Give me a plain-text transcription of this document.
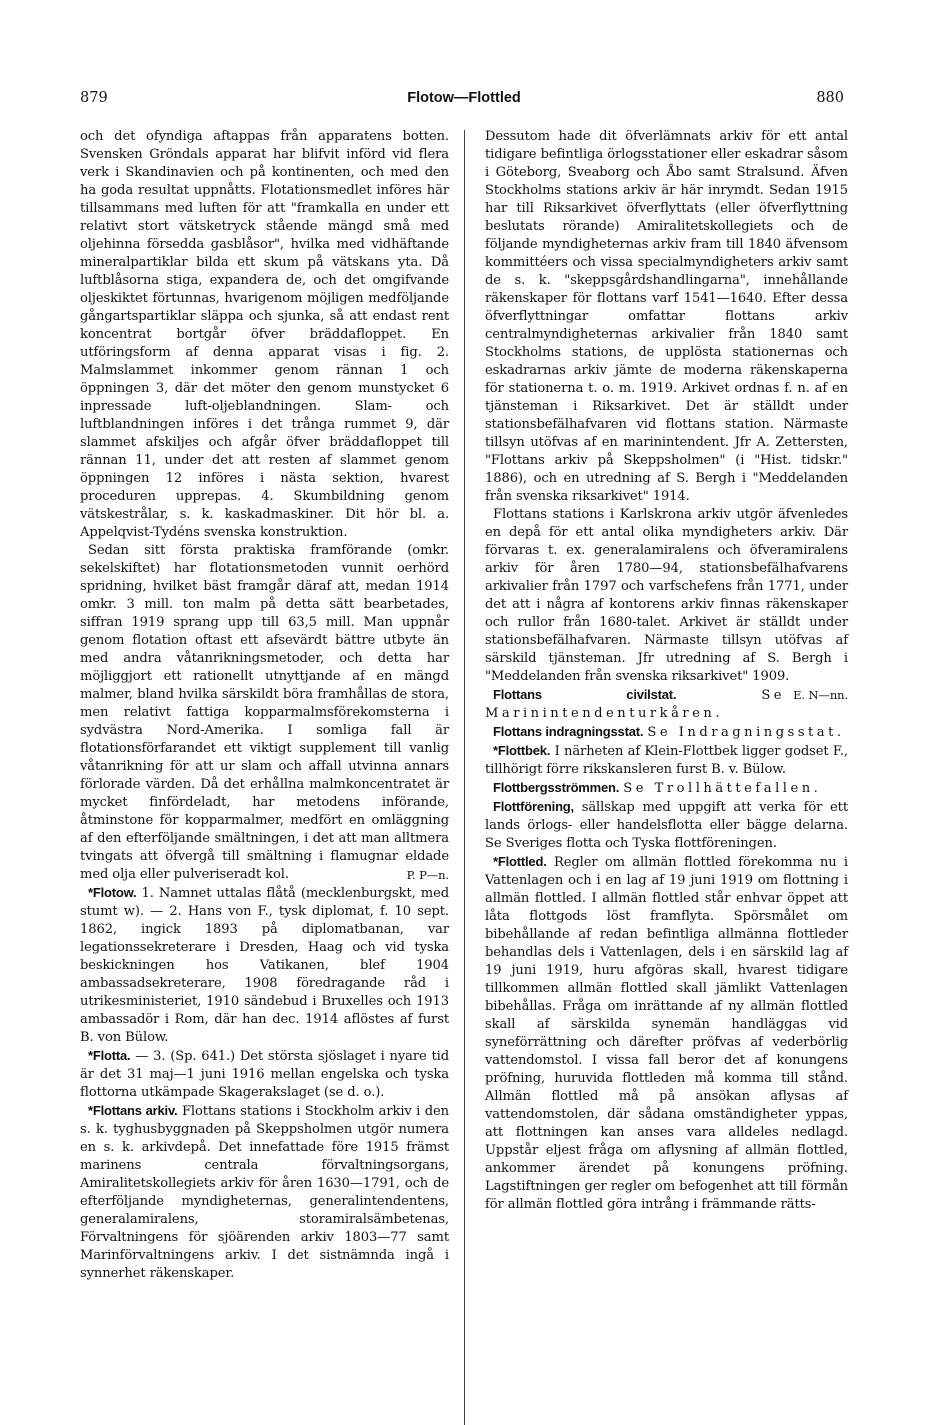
879	Flotow—Flottled	880

och det ofyndiga aftappas från apparatens botten. Svensken Gröndals apparat har blifvit införd vid flera verk i Skandinavien och på kontinenten, och med den ha goda resultat uppnåtts. Flotationsmedlet införes här tillsammans med luften för att "framkalla en under ett relativt stort vätsketryck stående mängd små med oljehinna försedda gasblåsor", hvilka med vidhäftande mineralpartiklar bilda ett skum på vätskans yta. Då luftblåsorna stiga, expandera de, och det omgifvande oljeskiktet förtunnas, hvarigenom möjligen medföljande gångartspartiklar släppa och sjunka, så att endast rent koncentrat bortgår öfver bräddafloppet. En utföringsform af denna apparat visas i fig. 2. Malmslammet inkommer genom rännan 1 och öppningen 3, där det möter den genom munstycket 6 inpressade luft-oljeblandningen. Slam- och luftblandningen införes i det trånga rummet 9, där slammet afskiljes och afgår öfver bräddafloppet till rännan 11, under det att resten af slammet genom öppningen 12 införes i nästa sektion, hvarest proceduren upprepas. 4. Skumbildning genom vätskestrålar, s. k. kaskadmaskiner. Dit hör bl. a. Appelqvist-Tydéns svenska konstruktion.

Sedan sitt första praktiska framförande (omkr. sekelskiftet) har flotationsmetoden vunnit oerhörd spridning, hvilket bäst framgår däraf att, medan 1914 omkr. 3 mill. ton malm på detta sätt bearbetades, siffran 1919 sprang upp till 63,5 mill. Man uppnår genom flotation oftast ett afsevärdt bättre utbyte än med andra våtanrikningsmetoder, och detta har möjliggjort ett rationellt utnyttjande af en mängd malmer, bland hvilka särskildt böra framhållas de stora, men relativt fattiga kopparmalmsförekomsterna i sydvästra Nord-Amerika. I somliga fall är flotationsförfarandet ett viktigt supplement till vanlig våtanrikning för att ur slam och affall utvinna annars förlorade värden. Då det erhållna malmkoncentratet är mycket finfördeladt, har metodens införande, åtminstone för kopparmalmer, medfört en omläggning af den efterföljande smältningen, i det att man alltmera tvingats att öfvergå till smältning i flamugnar eldade med olja eller pulveriseradt kol.	P. P—n.

*Flotow. 1. Namnet uttalas flåtå (mecklenburgskt, med stumt w). — 2. Hans von F., tysk diplomat, f. 10 sept. 1862, ingick 1893 på diplomatbanan, var legationssekreterare i Dresden, Haag och vid tyska beskickningen hos Vatikanen, blef 1904 ambassadsekreterare, 1908 föredragande råd i utrikesministeriet, 1910 sändebud i Bruxelles och 1913 ambassadör i Rom, där han dec. 1914 aflöstes af furst B. von Bülow.

*Flotta. — 3. (Sp. 641.) Det största sjöslaget i nyare tid är det 31 maj—1 juni 1916 mellan engelska och tyska flottorna utkämpade Skagerakslaget (se d. o.).

*Flottans arkiv. Flottans stations i Stockholm arkiv i den s. k. tyghusbyggnaden på Skeppsholmen utgör numera en s. k. arkivdepå. Det innefattade före 1915 främst marinens centrala förvaltningsorgans, Amiralitetskollegiets arkiv för åren 1630—1791, och de efterföljande myndigheternas, generalintendentens, generalamiralens, storamiralsämbetenas, Förvaltningens för sjöärenden arkiv 1803—77 samt Marinförvaltningens arkiv. I det sistnämnda ingå i synnerhet räkenskaper.

Dessutom hade dit öfverlämnats arkiv för ett antal tidigare befintliga örlogsstationer eller eskadrar såsom i Göteborg, Sveaborg och Åbo samt Stralsund. Äfven Stockholms stations arkiv är här inrymdt. Sedan 1915 har till Riksarkivet öfverflyttats (eller öfverflyttning beslutats rörande) Amiralitetskollegiets och de följande myndigheternas arkiv fram till 1840 äfvensom kommittéers och vissa specialmyndigheters arkiv samt de s. k. "skeppsgårdshandlingarna", innehållande räkenskaper för flottans varf 1541—1640. Efter dessa öfverflyttningar omfattar flottans arkiv centralmyndigheternas arkivalier från 1840 samt Stockholms stations, de upplösta stationernas och eskadrarnas arkiv jämte de moderna räkenskaperna för stationerna t. o. m. 1919. Arkivet ordnas f. n. af en tjänsteman i Riksarkivet. Det är ställdt under stationsbefälhafvaren vid flottans station. Närmaste tillsyn utöfvas af en marinintendent. Jfr A. Zettersten, "Flottans arkiv på Skeppsholmen" (i "Hist. tidskr." 1886), och en utredning af S. Bergh i "Meddelanden från svenska riksarkivet" 1914.

Flottans stations i Karlskrona arkiv utgör äfvenledes en depå för ett antal olika myndigheters arkiv. Där förvaras t. ex. generalamiralens och öfveramiralens arkiv för åren 1780—94, stationsbefälhafvarens arkivalier från 1797 och varfschefens från 1771, under det att i några af kontorens arkiv finnas räkenskaper och rullor från 1680-talet. Arkivet är ställdt under stationsbefälhafvaren. Närmaste tillsyn utöfvas af särskild tjänsteman. Jfr utredning af S. Bergh i "Meddelanden från svenska riksarkivet" 1909.
E. N—nn.

Flottans civilstat.	Se Marinintendenturkåren.

Flottans indragningsstat. Se Indragningsstat.

*Flottbek. I närheten af Klein-Flottbek ligger godset F., tillhörigt förre rikskansleren furst B. v. Bülow.

Flottbergsströmmen. Se Trollhättefallen.

Flottförening, sällskap med uppgift att verka för ett lands örlogs- eller handelsflotta eller bägge delarna. Se Sveriges flotta och Tyska flottföreningen.

*Flottled. Regler om allmän flottled förekomma nu i Vattenlagen och i en lag af 19 juni 1919 om flottning i allmän flottled. I allmän flottled står enhvar öppet att låta flottgods löst framflyta. Spörsmålet om bibehållande af redan befintliga allmänna flottleder behandlas dels i Vattenlagen, dels i en särskild lag af 19 juni 1919, huru afgöras skall, hvarest tidigare tillkommen allmän flottled skall jämlikt Vattenlagen bibehållas. Fråga om inrättande af ny allmän flottled skall af särskilda synemän handläggas vid syneförrättning och därefter pröfvas af vederbörlig vattendomstol. I vissa fall beror det af konungens pröfning, huruvida flottleden må komma till stånd. Allmän flottled må på ansökan aflysas af vattendomstolen, där sådana omständigheter yppas, att flottningen kan anses vara alldeles nedlagd. Uppstår eljest fråga om aflysning af allmän flottled, ankommer ärendet på konungens pröfning. Lagstiftningen ger regler om befogenhet att till förmån för allmän flottled göra intrång i främmande rätts-
